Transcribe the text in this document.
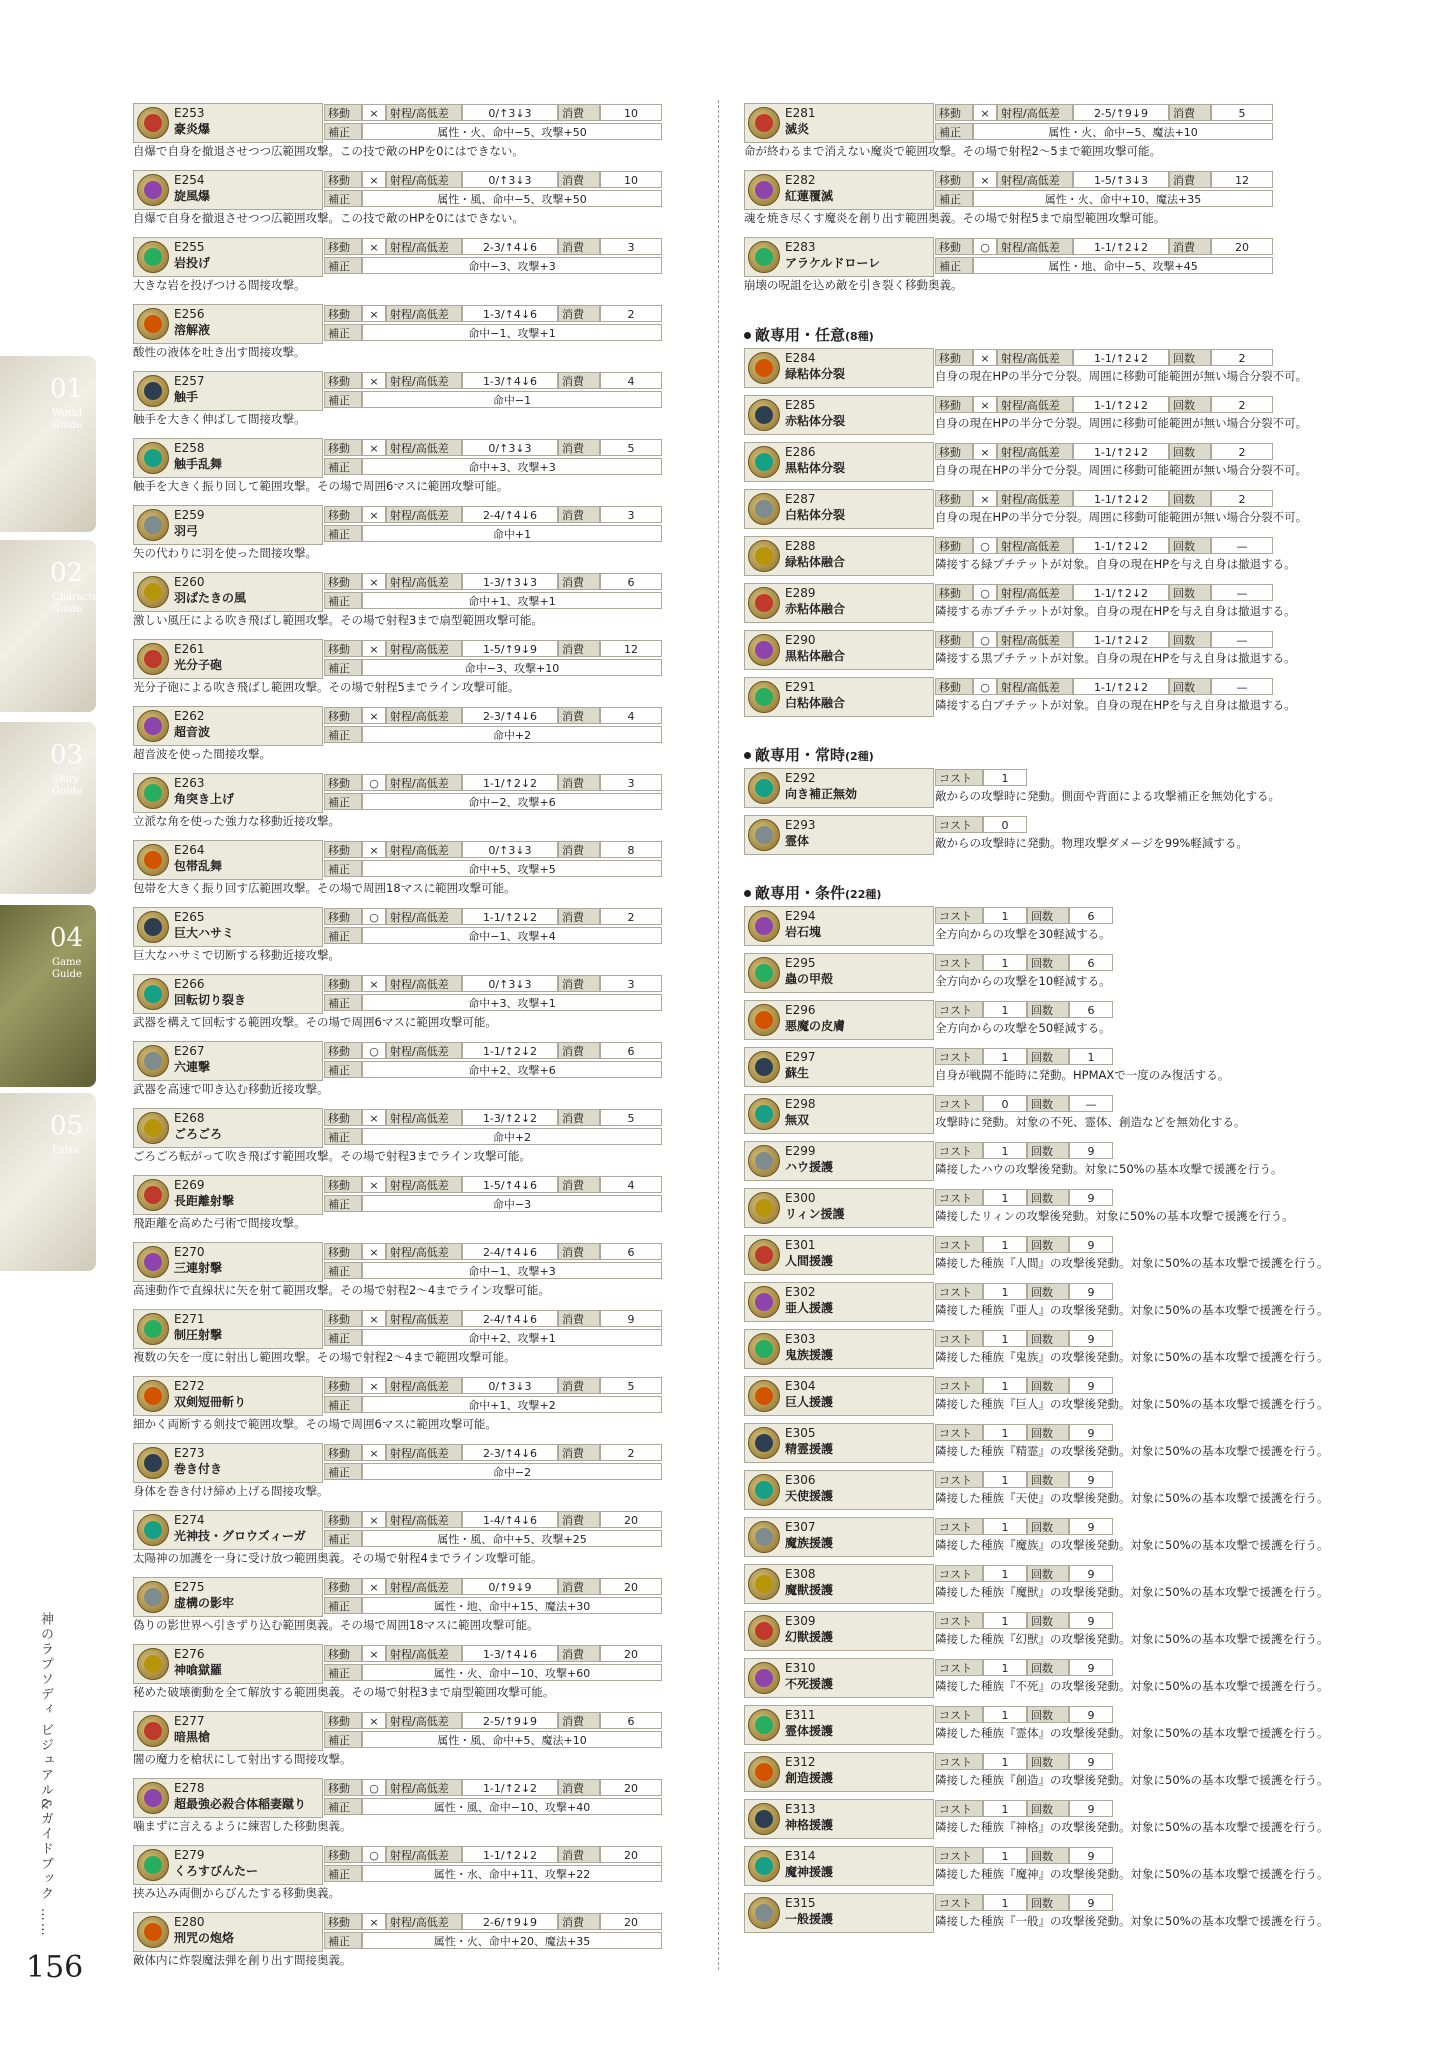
01
World Guide
02
Character Guide
03
Story Guide
04
Game Guide
05
Extra
神のラプソディ ビジュアル&ガイドブック ……
156
E253
豪炎爆
移動	×	射程/高低差	0/↑3↓3	消費	10
補正	属性・火、命中−5、攻撃+50
自爆で自身を撤退させつつ広範囲攻撃。この技で敵のHPを0にはできない。
E254
旋風爆
移動	×	射程/高低差	0/↑3↓3	消費	10
補正	属性・風、命中−5、攻撃+50
自爆で自身を撤退させつつ広範囲攻撃。この技で敵のHPを0にはできない。
E255
岩投げ
移動	×	射程/高低差	2-3/↑4↓6	消費	3
補正	命中−3、攻撃+3
大きな岩を投げつける間接攻撃。
E256
溶解液
移動	×	射程/高低差	1-3/↑4↓6	消費	2
補正	命中−1、攻撃+1
酸性の液体を吐き出す間接攻撃。
E257
触手
移動	×	射程/高低差	1-3/↑4↓6	消費	4
補正	命中−1
触手を大きく伸ばして間接攻撃。
E258
触手乱舞
移動	×	射程/高低差	0/↑3↓3	消費	5
補正	命中+3、攻撃+3
触手を大きく振り回して範囲攻撃。その場で周囲6マスに範囲攻撃可能。
E259
羽弓
移動	×	射程/高低差	2-4/↑4↓6	消費	3
補正	命中+1
矢の代わりに羽を使った間接攻撃。
E260
羽ばたきの風
移動	×	射程/高低差	1-3/↑3↓3	消費	6
補正	命中+1、攻撃+1
激しい風圧による吹き飛ばし範囲攻撃。その場で射程3まで扇型範囲攻撃可能。
E261
光分子砲
移動	×	射程/高低差	1-5/↑9↓9	消費	12
補正	命中−3、攻撃+10
光分子砲による吹き飛ばし範囲攻撃。その場で射程5までライン攻撃可能。
E262
超音波
移動	×	射程/高低差	2-3/↑4↓6	消費	4
補正	命中+2
超音波を使った間接攻撃。
E263
角突き上げ
移動	○	射程/高低差	1-1/↑2↓2	消費	3
補正	命中−2、攻撃+6
立派な角を使った強力な移動近接攻撃。
E264
包帯乱舞
移動	×	射程/高低差	0/↑3↓3	消費	8
補正	命中+5、攻撃+5
包帯を大きく振り回す広範囲攻撃。その場で周囲18マスに範囲攻撃可能。
E265
巨大ハサミ
移動	○	射程/高低差	1-1/↑2↓2	消費	2
補正	命中−1、攻撃+4
巨大なハサミで切断する移動近接攻撃。
E266
回転切り裂き
移動	×	射程/高低差	0/↑3↓3	消費	3
補正	命中+3、攻撃+1
武器を構えて回転する範囲攻撃。その場で周囲6マスに範囲攻撃可能。
E267
六連撃
移動	○	射程/高低差	1-1/↑2↓2	消費	6
補正	命中+2、攻撃+6
武器を高速で叩き込む移動近接攻撃。
E268
ごろごろ
移動	×	射程/高低差	1-3/↑2↓2	消費	5
補正	命中+2
ごろごろ転がって吹き飛ばす範囲攻撃。その場で射程3までライン攻撃可能。
E269
長距離射撃
移動	×	射程/高低差	1-5/↑4↓6	消費	4
補正	命中−3
飛距離を高めた弓術で間接攻撃。
E270
三連射撃
移動	×	射程/高低差	2-4/↑4↓6	消費	6
補正	命中−1、攻撃+3
高速動作で直線状に矢を射て範囲攻撃。その場で射程2〜4までライン攻撃可能。
E271
制圧射撃
移動	×	射程/高低差	2-4/↑4↓6	消費	9
補正	命中+2、攻撃+1
複数の矢を一度に射出し範囲攻撃。その場で射程2〜4まで範囲攻撃可能。
E272
双剣短冊斬り
移動	×	射程/高低差	0/↑3↓3	消費	5
補正	命中+1、攻撃+2
細かく両断する剣技で範囲攻撃。その場で周囲6マスに範囲攻撃可能。
E273
巻き付き
移動	×	射程/高低差	2-3/↑4↓6	消費	2
補正	命中−2
身体を巻き付け締め上げる間接攻撃。
E274
光神技・グロウズィーガ
移動	×	射程/高低差	1-4/↑4↓6	消費	20
補正	属性・風、命中+5、攻撃+25
太陽神の加護を一身に受け放つ範囲奥義。その場で射程4までライン攻撃可能。
E275
虚構の影牢
移動	×	射程/高低差	0/↑9↓9	消費	20
補正	属性・地、命中+15、魔法+30
偽りの影世界へ引きずり込む範囲奥義。その場で周囲18マスに範囲攻撃可能。
E276
神喰獄羅
移動	×	射程/高低差	1-3/↑4↓6	消費	20
補正	属性・火、命中−10、攻撃+60
秘めた破壊衝動を全て解放する範囲奥義。その場で射程3まで扇型範囲攻撃可能。
E277
暗黒槍
移動	×	射程/高低差	2-5/↑9↓9	消費	6
補正	属性・風、命中+5、魔法+10
闇の魔力を槍状にして射出する間接攻撃。
E278
超最強必殺合体稲妻蹴り
移動	○	射程/高低差	1-1/↑2↓2	消費	20
補正	属性・風、命中−10、攻撃+40
噛まずに言えるように練習した移動奥義。
E279
くろすびんたー
移動	○	射程/高低差	1-1/↑2↓2	消費	20
補正	属性・水、命中+11、攻撃+22
挟み込み両側からびんたする移動奥義。
E280
刑咒の炮烙
移動	×	射程/高低差	2-6/↑9↓9	消費	20
補正	属性・火、命中+20、魔法+35
敵体内に炸裂魔法弾を創り出す間接奥義。
E281
滅炎
移動	×	射程/高低差	2-5/↑9↓9	消費	5
補正	属性・火、命中−5、魔法+10
命が終わるまで消えない魔炎で範囲攻撃。その場で射程2〜5まで範囲攻撃可能。
E282
紅蓮覆滅
移動	×	射程/高低差	1-5/↑3↓3	消費	12
補正	属性・火、命中+10、魔法+35
魂を焼き尽くす魔炎を創り出す範囲奥義。その場で射程5まで扇型範囲攻撃可能。
E283
アラケルドローレ
移動	○	射程/高低差	1-1/↑2↓2	消費	20
補正	属性・地、命中−5、攻撃+45
崩壊の呪詛を込め敵を引き裂く移動奥義。
敵専用・任意(8種)
E284
緑粘体分裂
移動	×	射程/高低差	1-1/↑2↓2	回数	2
自身の現在HPの半分で分裂。周囲に移動可能範囲が無い場合分裂不可。
E285
赤粘体分裂
移動	×	射程/高低差	1-1/↑2↓2	回数	2
自身の現在HPの半分で分裂。周囲に移動可能範囲が無い場合分裂不可。
E286
黒粘体分裂
移動	×	射程/高低差	1-1/↑2↓2	回数	2
自身の現在HPの半分で分裂。周囲に移動可能範囲が無い場合分裂不可。
E287
白粘体分裂
移動	×	射程/高低差	1-1/↑2↓2	回数	2
自身の現在HPの半分で分裂。周囲に移動可能範囲が無い場合分裂不可。
E288
緑粘体融合
移動	○	射程/高低差	1-1/↑2↓2	回数	—
隣接する緑プチテットが対象。自身の現在HPを与え自身は撤退する。
E289
赤粘体融合
移動	○	射程/高低差	1-1/↑2↓2	回数	—
隣接する赤プチテットが対象。自身の現在HPを与え自身は撤退する。
E290
黒粘体融合
移動	○	射程/高低差	1-1/↑2↓2	回数	—
隣接する黒プチテットが対象。自身の現在HPを与え自身は撤退する。
E291
白粘体融合
移動	○	射程/高低差	1-1/↑2↓2	回数	—
隣接する白プチテットが対象。自身の現在HPを与え自身は撤退する。
敵専用・常時(2種)
E292
向き補正無効
コスト	1
敵からの攻撃時に発動。側面や背面による攻撃補正を無効化する。
E293
霊体
コスト	0
敵からの攻撃時に発動。物理攻撃ダメージを99%軽減する。
敵専用・条件(22種)
E294
岩石塊
コスト	1	回数	6
全方向からの攻撃を30軽減する。
E295
蟲の甲殻
コスト	1	回数	6
全方向からの攻撃を10軽減する。
E296
悪魔の皮膚
コスト	1	回数	6
全方向からの攻撃を50軽減する。
E297
蘇生
コスト	1	回数	1
自身が戦闘不能時に発動。HPMAXで一度のみ復活する。
E298
無双
コスト	0	回数	—
攻撃時に発動。対象の不死、霊体、創造などを無効化する。
E299
ハウ援護
コスト	1	回数	9
隣接したハウの攻撃後発動。対象に50%の基本攻撃で援護を行う。
E300
リィン援護
コスト	1	回数	9
隣接したリィンの攻撃後発動。対象に50%の基本攻撃で援護を行う。
E301
人間援護
コスト	1	回数	9
隣接した種族『人間』の攻撃後発動。対象に50%の基本攻撃で援護を行う。
E302
亜人援護
コスト	1	回数	9
隣接した種族『亜人』の攻撃後発動。対象に50%の基本攻撃で援護を行う。
E303
鬼族援護
コスト	1	回数	9
隣接した種族『鬼族』の攻撃後発動。対象に50%の基本攻撃で援護を行う。
E304
巨人援護
コスト	1	回数	9
隣接した種族『巨人』の攻撃後発動。対象に50%の基本攻撃で援護を行う。
E305
精霊援護
コスト	1	回数	9
隣接した種族『精霊』の攻撃後発動。対象に50%の基本攻撃で援護を行う。
E306
天使援護
コスト	1	回数	9
隣接した種族『天使』の攻撃後発動。対象に50%の基本攻撃で援護を行う。
E307
魔族援護
コスト	1	回数	9
隣接した種族『魔族』の攻撃後発動。対象に50%の基本攻撃で援護を行う。
E308
魔獣援護
コスト	1	回数	9
隣接した種族『魔獣』の攻撃後発動。対象に50%の基本攻撃で援護を行う。
E309
幻獣援護
コスト	1	回数	9
隣接した種族『幻獣』の攻撃後発動。対象に50%の基本攻撃で援護を行う。
E310
不死援護
コスト	1	回数	9
隣接した種族『不死』の攻撃後発動。対象に50%の基本攻撃で援護を行う。
E311
霊体援護
コスト	1	回数	9
隣接した種族『霊体』の攻撃後発動。対象に50%の基本攻撃で援護を行う。
E312
創造援護
コスト	1	回数	9
隣接した種族『創造』の攻撃後発動。対象に50%の基本攻撃で援護を行う。
E313
神格援護
コスト	1	回数	9
隣接した種族『神格』の攻撃後発動。対象に50%の基本攻撃で援護を行う。
E314
魔神援護
コスト	1	回数	9
隣接した種族『魔神』の攻撃後発動。対象に50%の基本攻撃で援護を行う。
E315
一般援護
コスト	1	回数	9
隣接した種族『一般』の攻撃後発動。対象に50%の基本攻撃で援護を行う。
